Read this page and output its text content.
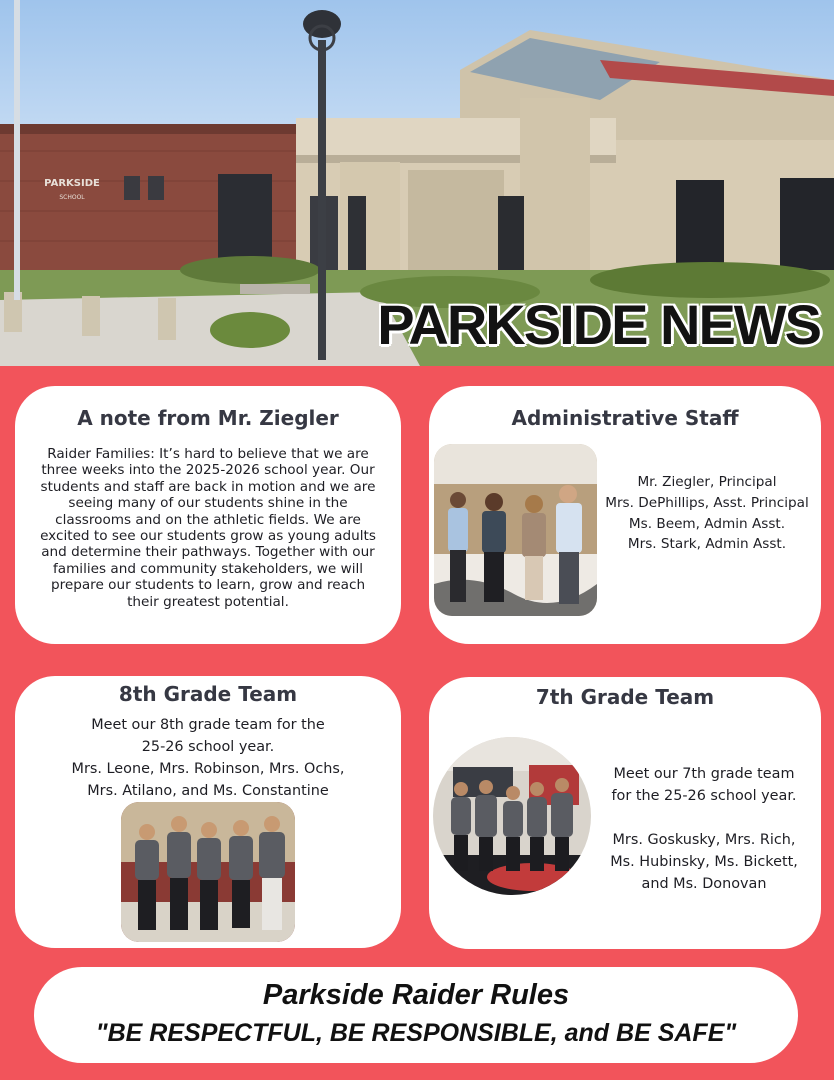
PARKSIDE
SCHOOL
PARKSIDE NEWS
A note from Mr. Ziegler

Raider Families: It’s hard to believe that we are three weeks into the 2025-2026 school year. Our students and staff are back in motion and we are seeing many of our students shine in the classrooms and on the athletic fields. We are excited to see our students grow as young adults and determine their pathways. Together with our families and community stakeholders, we will prepare our students to learn, grow and reach their greatest potential.

Administrative Staff
Mr. Ziegler, Principal
Mrs. DePhillips, Asst. Principal
Ms. Beem, Admin Asst.
Mrs. Stark, Admin Asst.
8th Grade Team
Meet our 8th grade team for the
25-26 school year.
Mrs. Leone, Mrs. Robinson, Mrs. Ochs,
Mrs. Atilano, and Ms. Constantine
7th Grade Team
Meet our 7th grade team
for the 25-26 school year.
Mrs. Goskusky, Mrs. Rich,
Ms. Hubinsky, Ms. Bickett,
and Ms. Donovan
Parkside Raider Rules
"BE RESPECTFUL, BE RESPONSIBLE, and BE SAFE"
